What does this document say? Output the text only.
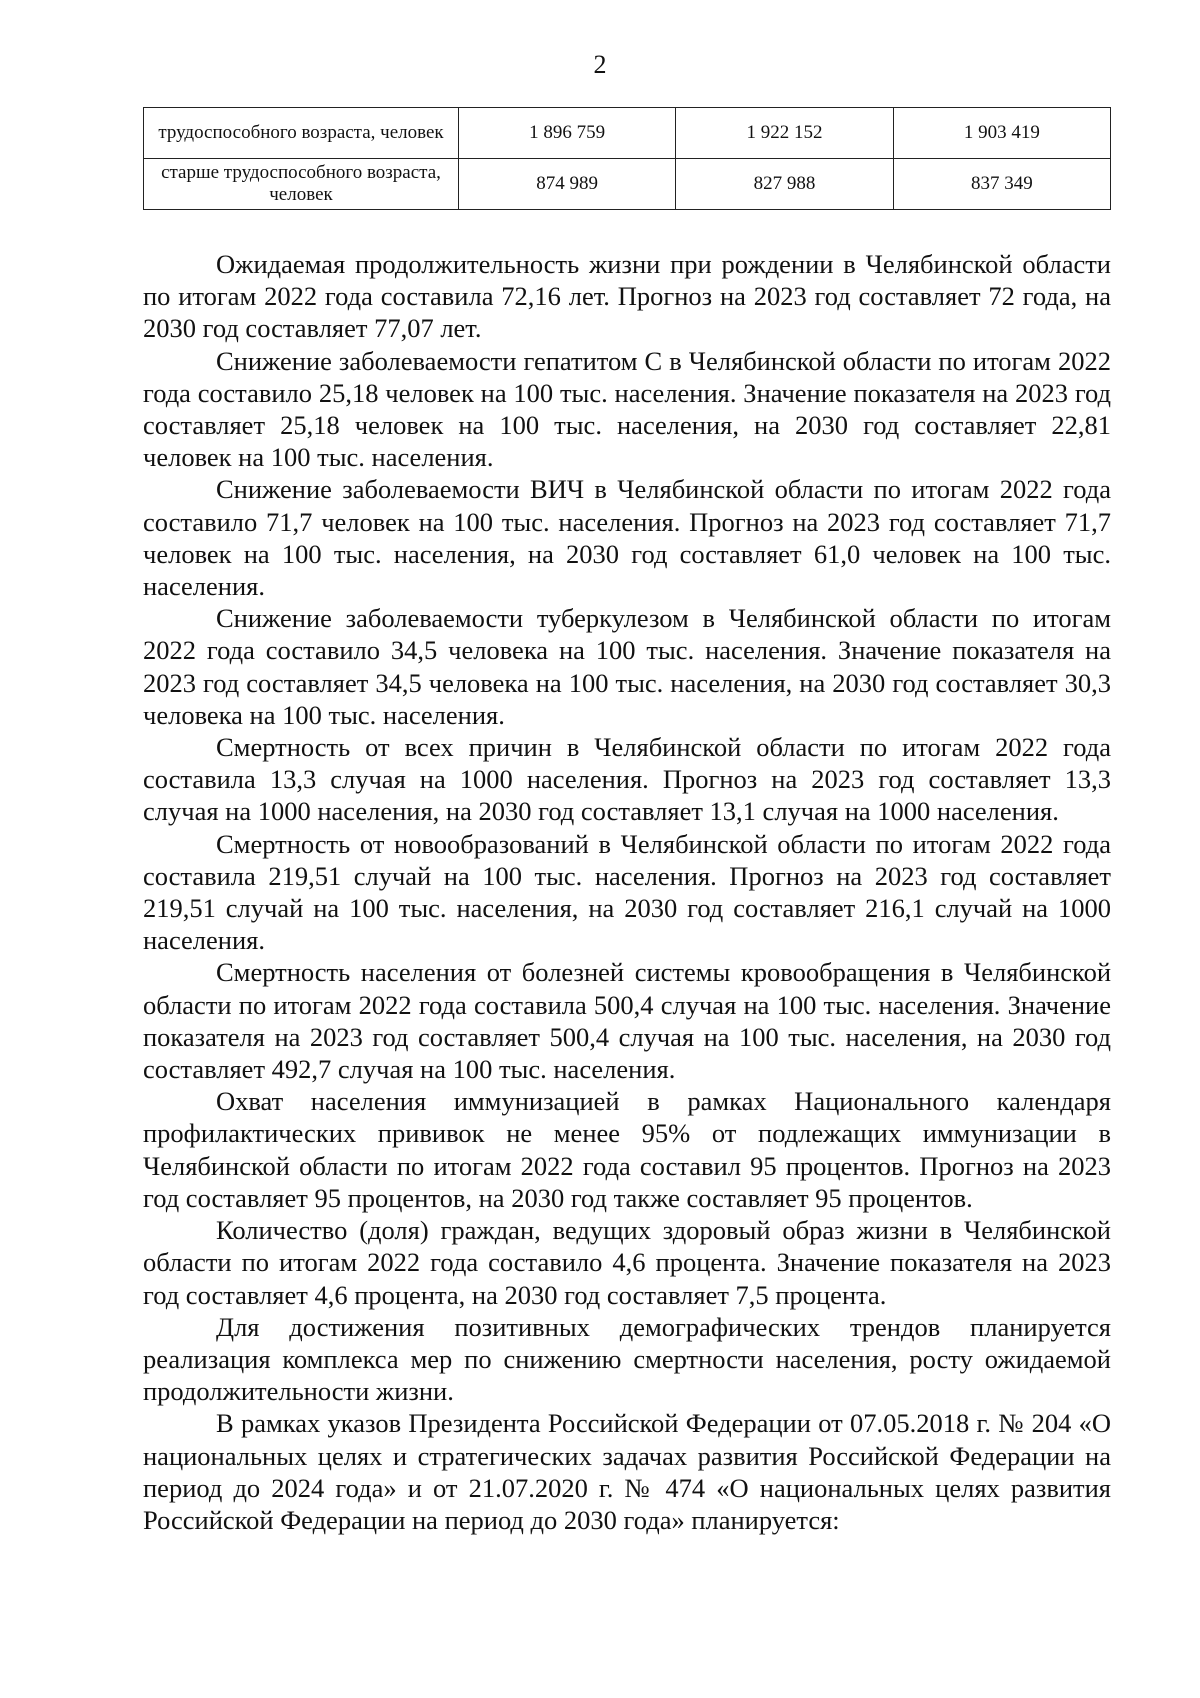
2
трудоспособного возраста, человек	1 896 759	1 922 152	1 903 419
старше трудоспособного возраста, человек	874 989	827 988	837 349

Ожидаемая продолжительность жизни при рождении в Челябинской области по итогам 2022 года составила 72,16 лет. Прогноз на 2023 год составляет 72 года, на 2030 год составляет 77,07 лет.

Снижение заболеваемости гепатитом С в Челябинской области по итогам 2022 года составило 25,18 человек на 100 тыс. населения. Значение показателя на 2023 год составляет 25,18 человек на 100 тыс. населения, на 2030 год составляет 22,81 человек на 100 тыс. населения.

Снижение заболеваемости ВИЧ в Челябинской области по итогам 2022 года составило 71,7 человек на 100 тыс. населения. Прогноз на 2023 год составляет 71,7 человек на 100 тыс. населения, на 2030 год составляет 61,0 человек на 100 тыс. населения.

Снижение заболеваемости туберкулезом в Челябинской области по итогам 2022 года составило 34,5 человека на 100 тыс. населения. Значение показателя на 2023 год составляет 34,5 человека на 100 тыс. населения, на 2030 год составляет 30,3 человека на 100 тыс. населения.

Смертность от всех причин в Челябинской области по итогам 2022 года составила 13,3 случая на 1000 населения. Прогноз на 2023 год составляет 13,3 случая на 1000 населения, на 2030 год составляет 13,1 случая на 1000 населения.

Смертность от новообразований в Челябинской области по итогам 2022 года составила 219,51 случай на 100 тыс. населения. Прогноз на 2023 год составляет 219,51 случай на 100 тыс. населения, на 2030 год составляет 216,1 случай на 1000 населения.

Смертность населения от болезней системы кровообращения в Челябинской области по итогам 2022 года составила 500,4 случая на 100 тыс. населения. Значение показателя на 2023 год составляет 500,4 случая на 100 тыс. населения, на 2030 год составляет 492,7 случая на 100 тыс. населения.

Охват населения иммунизацией в рамках Национального календаря профилактических прививок не менее 95% от подлежащих иммунизации в Челябинской области по итогам 2022 года составил 95 процентов. Прогноз на 2023 год составляет 95 процентов, на 2030 год также составляет 95 процентов.

Количество (доля) граждан, ведущих здоровый образ жизни в Челябинской области по итогам 2022 года составило 4,6 процента. Значение показателя на 2023 год составляет 4,6 процента, на 2030 год составляет 7,5 процента.

Для достижения позитивных демографических трендов планируется реализация комплекса мер по снижению смертности населения, росту ожидаемой продолжительности жизни.

В рамках указов Президента Российской Федерации от 07.05.2018 г. № 204 «О национальных целях и стратегических задачах развития Российской Федерации на период до 2024 года» и от 21.07.2020 г. № 474 «О национальных целях развития Российской Федерации на период до 2030 года» планируется:
